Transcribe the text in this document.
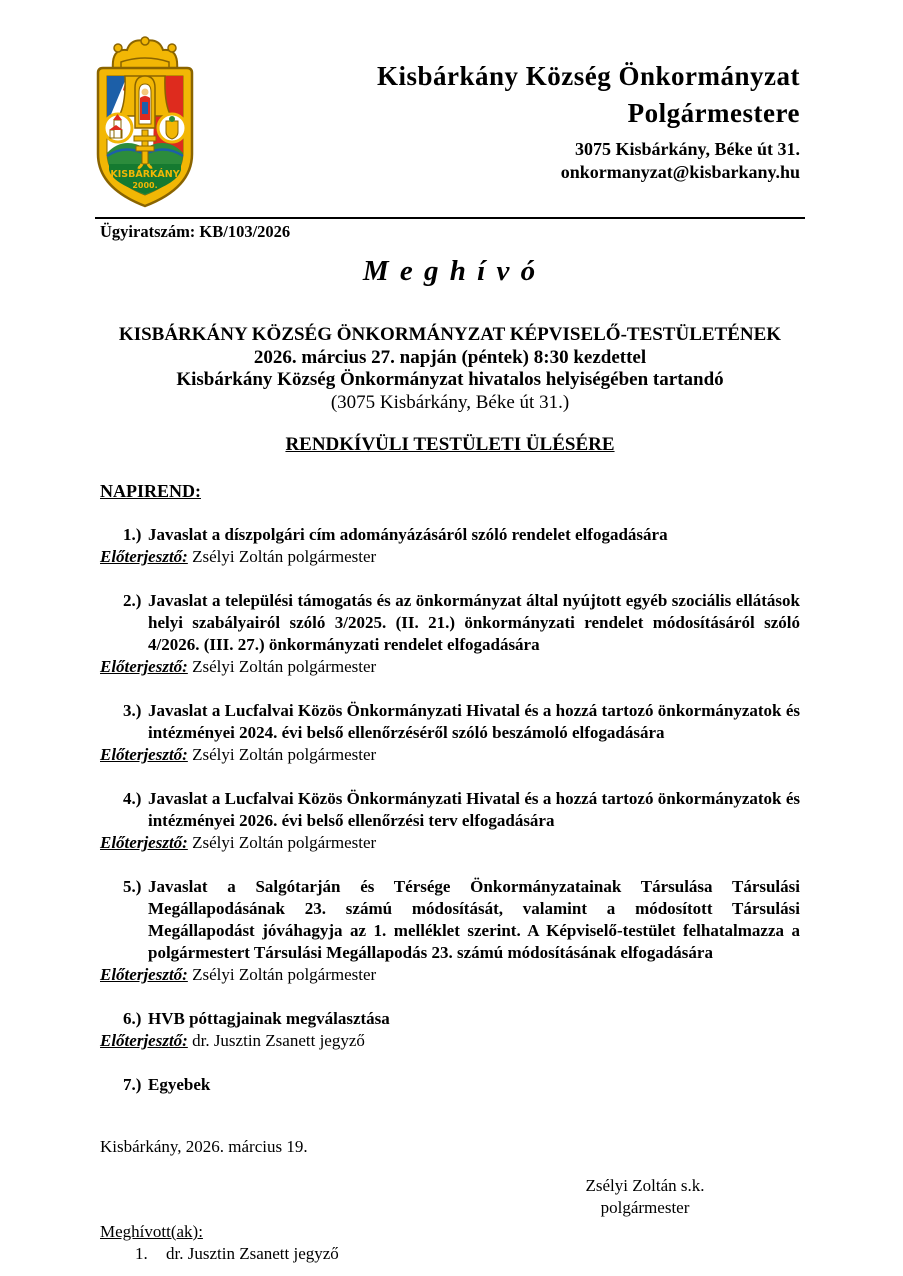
KISBÁRKÁNY
2000.
Kisbárkány Község Önkormányzat
Polgármestere
3075 Kisbárkány, Béke út 31.
onkormanyzat@kisbarkany.hu
Ügyiratszám: KB/103/2026
M e g h í v ó
KISBÁRKÁNY KÖZSÉG ÖNKORMÁNYZAT KÉPVISELŐ-TESTÜLETÉNEK
2026. március 27. napján (péntek) 8:30 kezdettel
Kisbárkány Község Önkormányzat hivatalos helyiségében tartandó
(3075 Kisbárkány, Béke út 31.)
RENDKÍVÜLI TESTÜLETI ÜLÉSÉRE
NAPIREND:
1.) Javaslat a díszpolgári cím adományázásáról szóló rendelet elfogadására
Előterjesztő: Zsélyi Zoltán polgármester
2.) Javaslat a települési támogatás és az önkormányzat által nyújtott egyéb szociális ellátások helyi szabályairól szóló 3/2025. (II. 21.) önkormányzati rendelet módosításáról szóló 4/2026. (III. 27.) önkormányzati rendelet elfogadására
Előterjesztő: Zsélyi Zoltán polgármester
3.) Javaslat a Lucfalvai Közös Önkormányzati Hivatal és a hozzá tartozó önkormányzatok és intézményei 2024. évi belső ellenőrzéséről szóló beszámoló elfogadására
Előterjesztő: Zsélyi Zoltán polgármester
4.) Javaslat a Lucfalvai Közös Önkormányzati Hivatal és a hozzá tartozó önkormányzatok és intézményei 2026. évi belső ellenőrzési terv elfogadására
Előterjesztő: Zsélyi Zoltán polgármester
5.) Javaslat a Salgótarján és Térsége Önkormányzatainak Társulása Társulási Megállapodásának 23. számú módosítását, valamint a módosított Társulási Megállapodást jóváhagyja az 1. melléklet szerint. A Képviselő-testület felhatalmazza a polgármestert Társulási Megállapodás 23. számú módosításának elfogadására
Előterjesztő: Zsélyi Zoltán polgármester
6.) HVB póttagjainak megválasztása
Előterjesztő: dr. Jusztin Zsanett jegyző
7.) Egyebek
Kisbárkány, 2026. március 19.
Zsélyi Zoltán s.k.
polgármester
Meghívott(ak):
1. dr. Jusztin Zsanett jegyző
